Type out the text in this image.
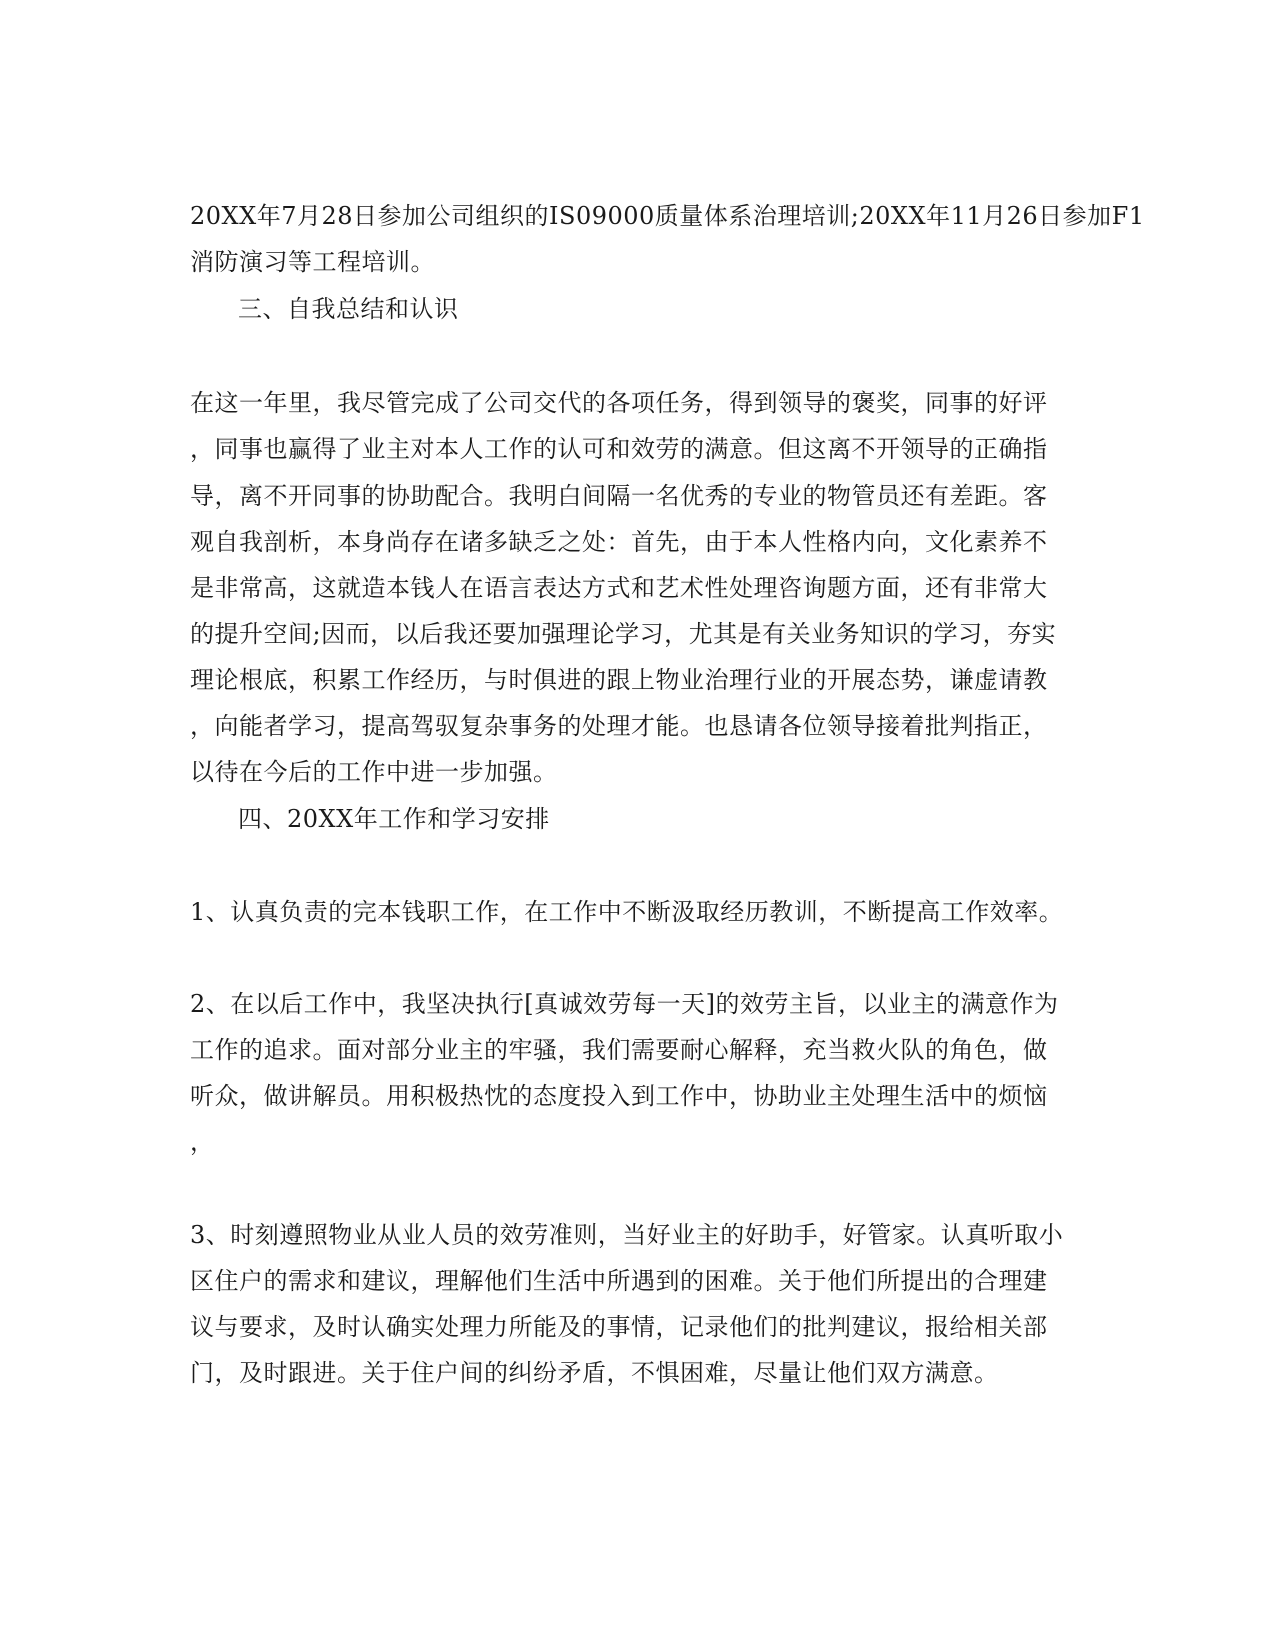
20XX年7月28日参加公司组织的IS09000质量体系治理培训;20XX年11月26日参加F1
消防演习等工程培训。
三、自我总结和认识
在这一年里，我尽管完成了公司交代的各项任务，得到领导的褒奖，同事的好评
，同事也赢得了业主对本人工作的认可和效劳的满意。但这离不开领导的正确指
导，离不开同事的协助配合。我明白间隔一名优秀的专业的物管员还有差距。客
观自我剖析，本身尚存在诸多缺乏之处：首先，由于本人性格内向，文化素养不
是非常高，这就造本钱人在语言表达方式和艺术性处理咨询题方面，还有非常大
的提升空间;因而，以后我还要加强理论学习，尤其是有关业务知识的学习，夯实
理论根底，积累工作经历，与时俱进的跟上物业治理行业的开展态势，谦虚请教
，向能者学习，提高驾驭复杂事务的处理才能。也恳请各位领导接着批判指正，
以待在今后的工作中进一步加强。
四、20XX年工作和学习安排
1、认真负责的完本钱职工作，在工作中不断汲取经历教训，不断提高工作效率。
2、在以后工作中，我坚决执行[真诚效劳每一天]的效劳主旨，以业主的满意作为
工作的追求。面对部分业主的牢骚，我们需要耐心解释，充当救火队的角色，做
听众，做讲解员。用积极热忱的态度投入到工作中，协助业主处理生活中的烦恼
，
3、时刻遵照物业从业人员的效劳准则，当好业主的好助手，好管家。认真听取小
区住户的需求和建议，理解他们生活中所遇到的困难。关于他们所提出的合理建
议与要求，及时认确实处理力所能及的事情，记录他们的批判建议，报给相关部
门，及时跟进。关于住户间的纠纷矛盾，不惧困难，尽量让他们双方满意。
